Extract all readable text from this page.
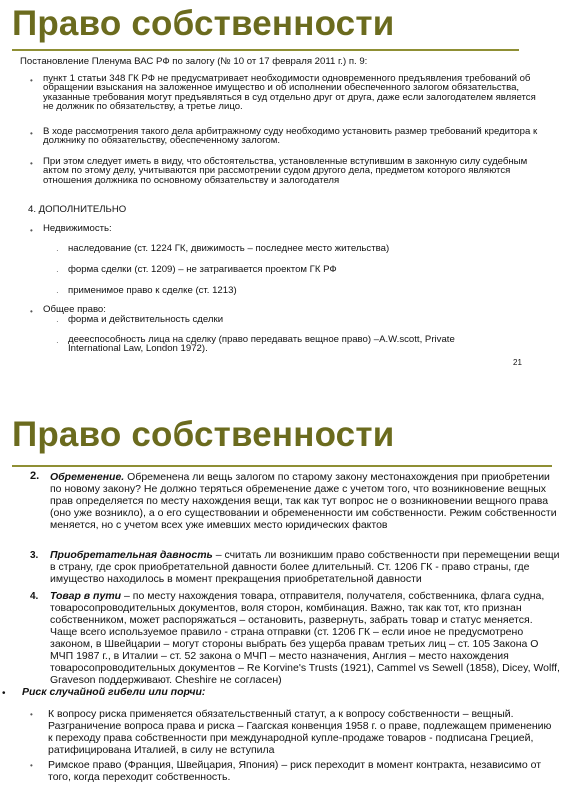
Право собственности
Постановление Пленума ВАС РФ по залогу (№ 10 от 17 февраля 2011 г.) п. 9:
• пункт 1 статьи 348 ГК РФ не предусматривает необходимости одновременного предъявления требований об обращении взыскания на заложенное имущество и об исполнении обеспеченного залогом обязательства, указанные требования могут предъявляться в суд отдельно друг от друга, даже если залогодателем является не должник по обязательству, а третье лицо.
• В ходе рассмотрения такого дела арбитражному суду необходимо установить размер требований кредитора к должнику по обязательству, обеспеченному залогом.
• При этом следует иметь в виду, что обстоятельства, установленные вступившим в законную силу судебным актом по этому делу, учитываются при рассмотрении судом другого дела, предметом которого являются отношения должника по основному обязательству и залогодателя
4. ДОПОЛНИТЕЛЬНО
• Недвижимость:
· наследование (ст. 1224 ГК, движимость – последнее место жительства)
· форма сделки (ст. 1209) – не затрагивается проектом ГК РФ
· применимое право к сделке (ст. 1213)
• Общее право:
· форма и действительность сделки
· деееспособность лица на сделку (право передавать вещное право) –A.W.scott, Private International Law, London 1972).
21
Право собственности
2. Обременение. Обременена ли вещь залогом по старому закону местонахождения при приобретении по новому закону? Не должно теряться обременение даже с учетом того, что возникновение вещных прав определяется по месту нахождения вещи, так как тут вопрос не о возникновении вещного права (оно уже возникло), а о его существовании и обремененности им собственности. Режим собственности меняется, но с учетом всех уже имевших место юридических фактов
3. Приобретательная давность – считать ли возникшим право собственности при перемещении вещи в страну, где срок приобретательной давности более длительный. Ст. 1206 ГК - право страны, где имущество находилось в момент прекращения приобретательной давности
4. Товар в пути – по месту нахождения товара, отправителя, получателя, собственника, флага судна, товаросопроводительных документов, воля сторон, комбинация. Важно, так как тот, кто признан собственником, может распоряжаться – остановить, развернуть, забрать товар и статус меняется. Чаще всего используемое правило - страна отправки (ст. 1206 ГК – если иное не предусмотрено законом, в Швейцарии – могут стороны выбрать без ущерба правам третьих лиц – ст. 105 Закона О МЧП 1987 г., в Италии – ст. 52 закона о МЧП – место назначения, Англия – место нахождения товаросопроводительных документов – Re Korvine's Trusts (1921), Cammel vs Sewell (1858), Dicey, Wolff, Graveson поддерживают. Cheshire не согласен)
• Риск случайной гибели или порчи:
• К вопросу риска применяется обязательственный статут, а к вопросу собственности – вещный. Разграничение вопроса права и риска – Гаагская конвенция 1958 г. о праве, подлежащем применению к переходу права собственности при международной купле-продаже товаров - подписана Грецией, ратифицирована Италией, в силу не вступила
• Римское право (Франция, Швейцария, Япония) – риск переходит в момент контракта, независимо от того, когда переходит собственность.
